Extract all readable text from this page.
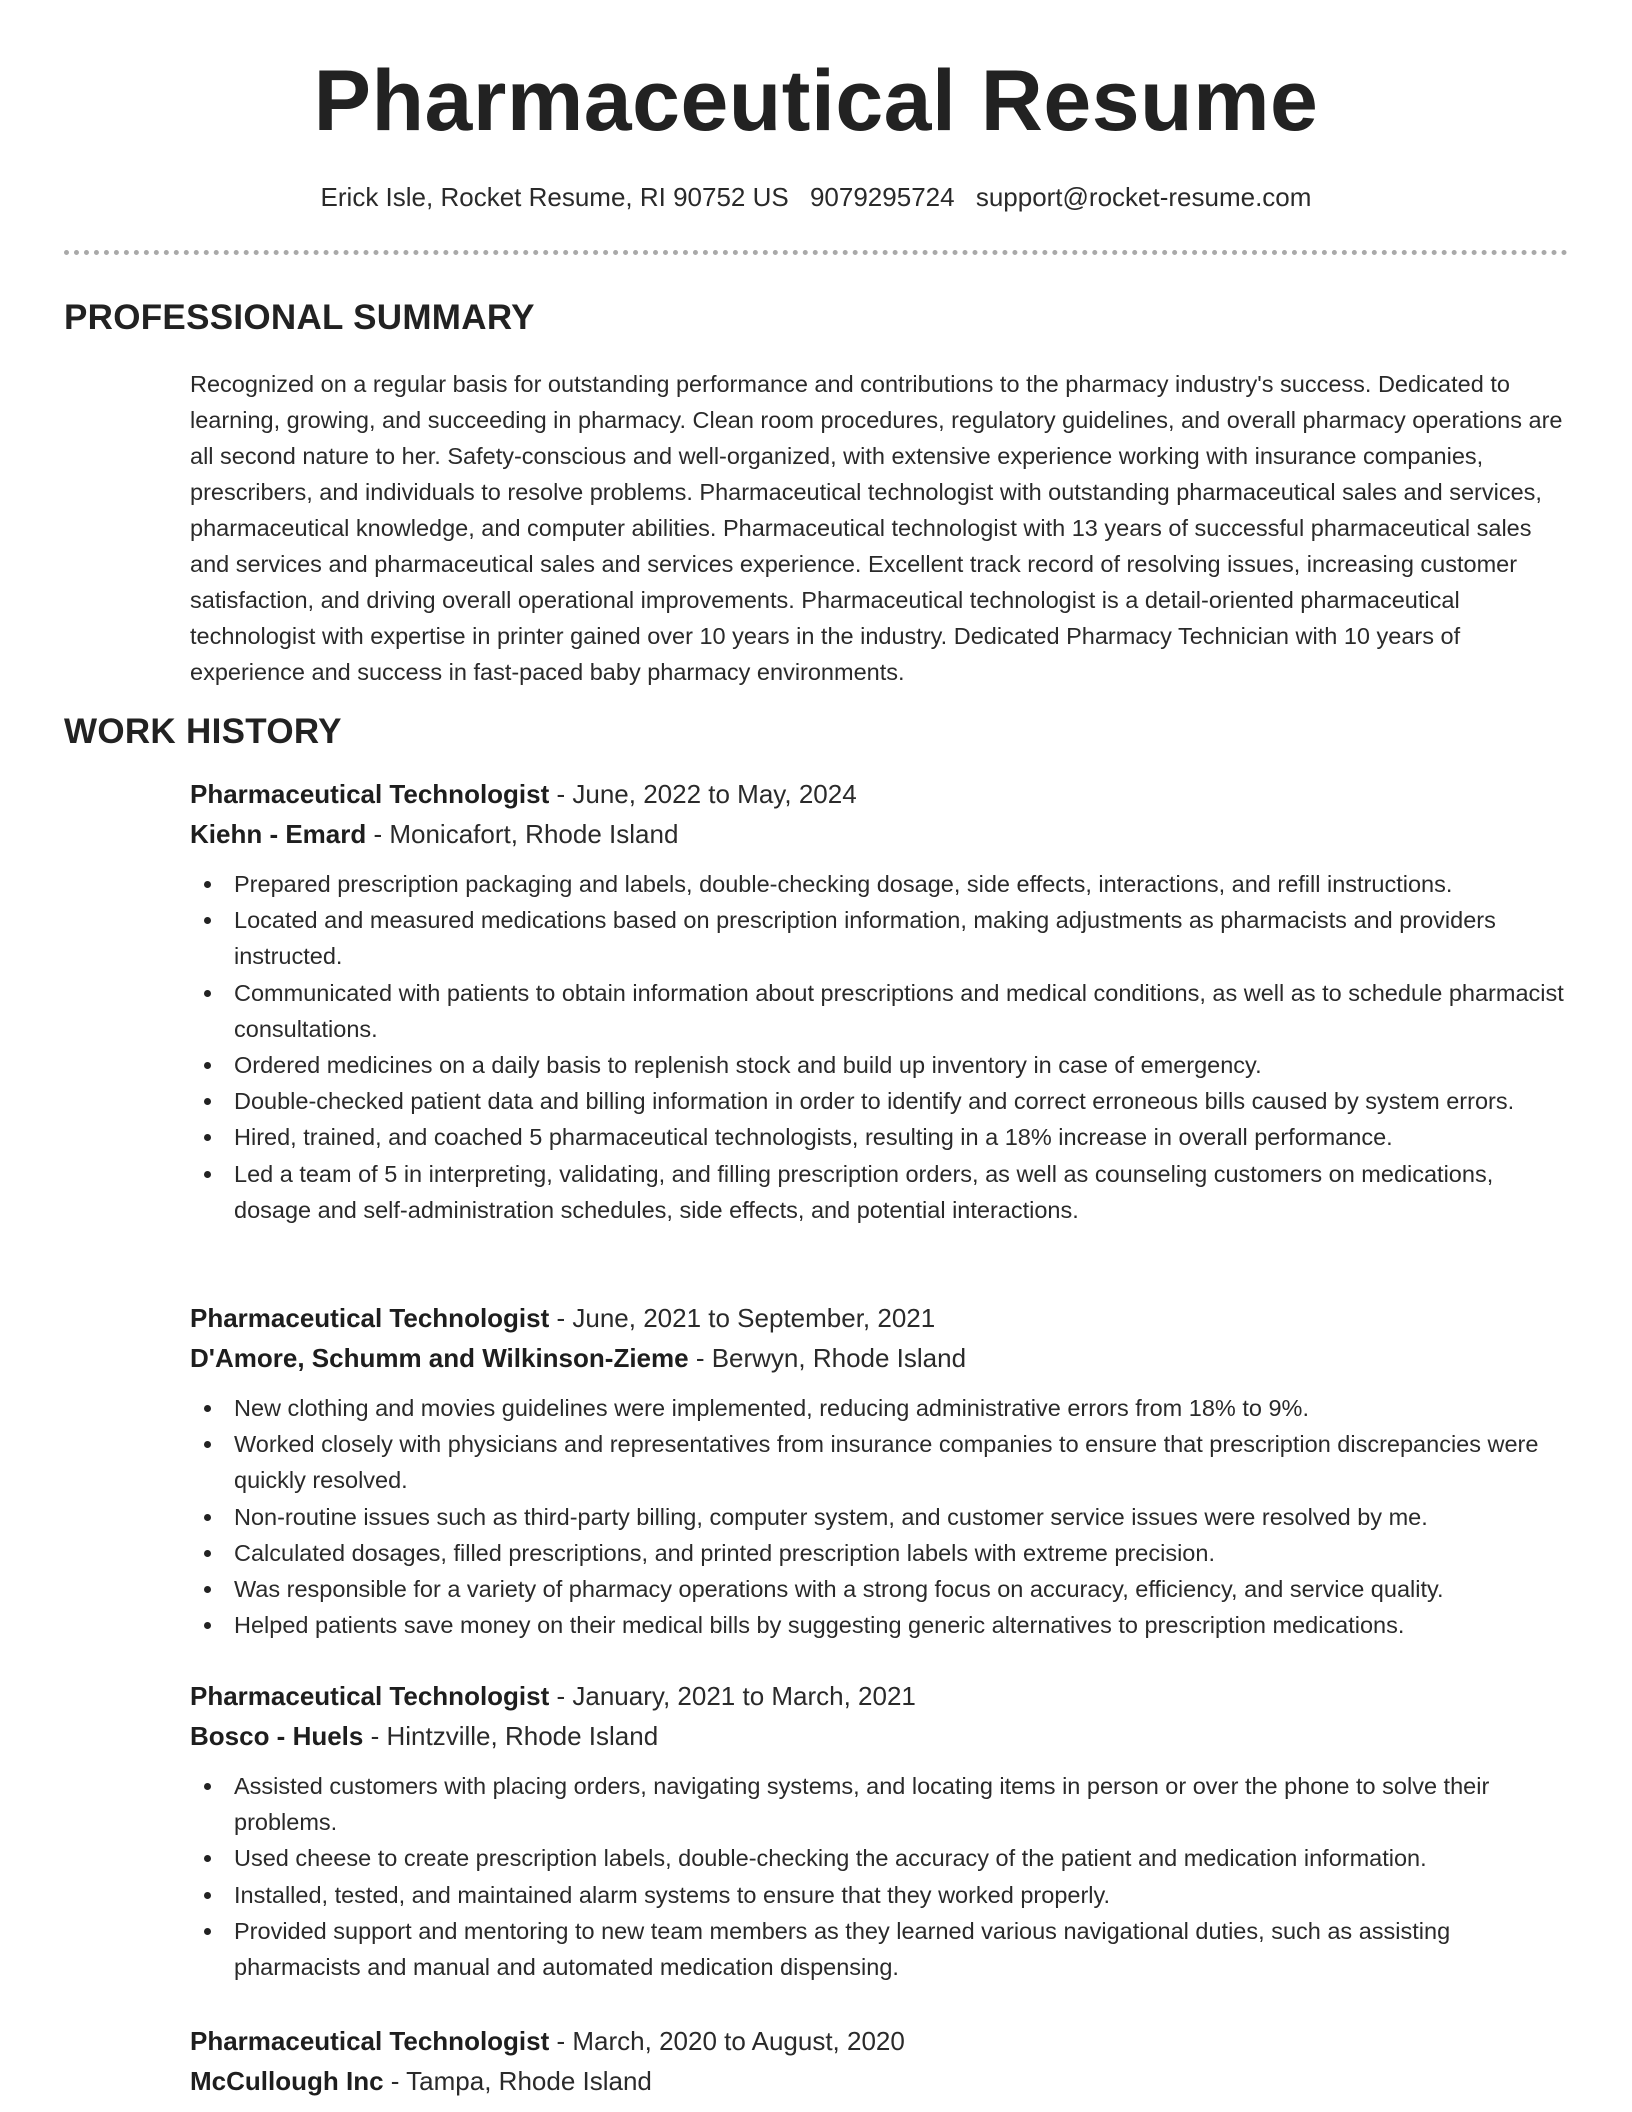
Pharmaceutical Resume
Erick Isle, Rocket Resume, RI 90752 US 9079295724 support@rocket-resume.com
PROFESSIONAL SUMMARY

Recognized on a regular basis for outstanding performance and contributions to the pharmacy industry's success. Dedicated to learning, growing, and succeeding in pharmacy. Clean room procedures, regulatory guidelines, and overall pharmacy operations are all second nature to her. Safety-conscious and well-organized, with extensive experience working with insurance companies, prescribers, and individuals to resolve problems. Pharmaceutical technologist with outstanding pharmaceutical sales and services, pharmaceutical knowledge, and computer abilities. Pharmaceutical technologist with 13 years of successful pharmaceutical sales and services and pharmaceutical sales and services experience. Excellent track record of resolving issues, increasing customer satisfaction, and driving overall operational improvements. Pharmaceutical technologist is a detail-oriented pharmaceutical technologist with expertise in printer gained over 10 years in the industry. Dedicated Pharmacy Technician with 10 years of experience and success in fast-paced baby pharmacy environments.

WORK HISTORY
Pharmaceutical Technologist - June, 2022 to May, 2024
Kiehn - Emard - Monicafort, Rhode Island
Prepared prescription packaging and labels, double-checking dosage, side effects, interactions, and refill instructions.
Located and measured medications based on prescription information, making adjustments as pharmacists and providers instructed.
Communicated with patients to obtain information about prescriptions and medical conditions, as well as to schedule pharmacist consultations.
Ordered medicines on a daily basis to replenish stock and build up inventory in case of emergency.
Double-checked patient data and billing information in order to identify and correct erroneous bills caused by system errors.
Hired, trained, and coached 5 pharmaceutical technologists, resulting in a 18% increase in overall performance.
Led a team of 5 in interpreting, validating, and filling prescription orders, as well as counseling customers on medications, dosage and self-administration schedules, side effects, and potential interactions.
Pharmaceutical Technologist - June, 2021 to September, 2021
D'Amore, Schumm and Wilkinson-Zieme - Berwyn, Rhode Island
New clothing and movies guidelines were implemented, reducing administrative errors from 18% to 9%.
Worked closely with physicians and representatives from insurance companies to ensure that prescription discrepancies were quickly resolved.
Non-routine issues such as third-party billing, computer system, and customer service issues were resolved by me.
Calculated dosages, filled prescriptions, and printed prescription labels with extreme precision.
Was responsible for a variety of pharmacy operations with a strong focus on accuracy, efficiency, and service quality.
Helped patients save money on their medical bills by suggesting generic alternatives to prescription medications.
Pharmaceutical Technologist - January, 2021 to March, 2021
Bosco - Huels - Hintzville, Rhode Island
Assisted customers with placing orders, navigating systems, and locating items in person or over the phone to solve their problems.
Used cheese to create prescription labels, double-checking the accuracy of the patient and medication information.
Installed, tested, and maintained alarm systems to ensure that they worked properly.
Provided support and mentoring to new team members as they learned various navigational duties, such as assisting pharmacists and manual and automated medication dispensing.
Pharmaceutical Technologist - March, 2020 to August, 2020
McCullough Inc - Tampa, Rhode Island
